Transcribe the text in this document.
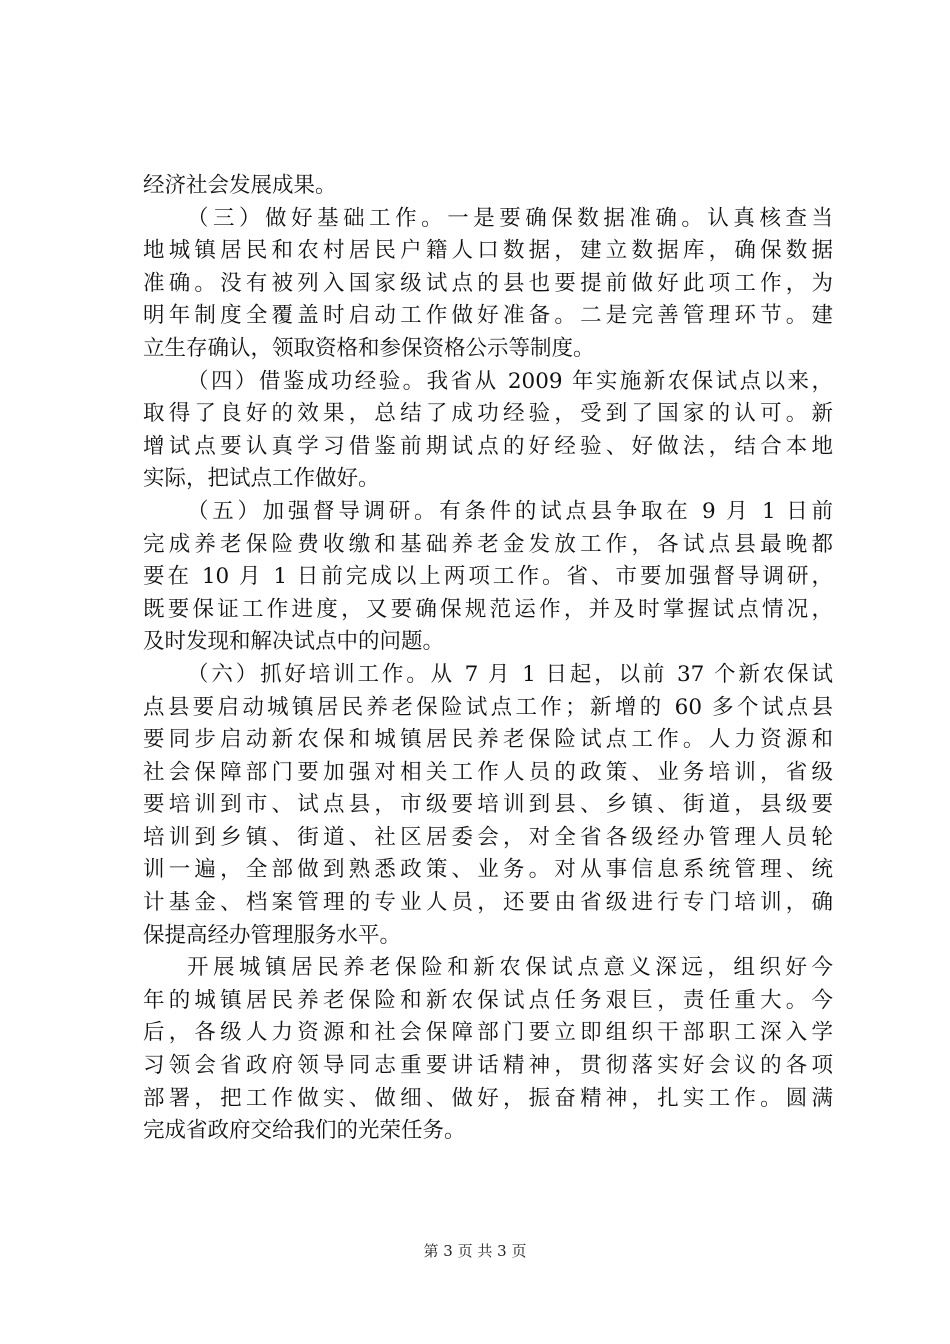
经济社会发展成果。
（三）做好基础工作。一是要确保数据准确。认真核查当
地城镇居民和农村居民户籍人口数据，建立数据库，确保数据
准确。没有被列入国家级试点的县也要提前做好此项工作，为
明年制度全覆盖时启动工作做好准备。二是完善管理环节。建
立生存确认，领取资格和参保资格公示等制度。
（四）借鉴成功经验。我省从 2009 年实施新农保试点以来，
取得了良好的效果，总结了成功经验，受到了国家的认可。新
增试点要认真学习借鉴前期试点的好经验、好做法，结合本地
实际，把试点工作做好。
（五）加强督导调研。有条件的试点县争取在 9 月 1 日前
完成养老保险费收缴和基础养老金发放工作，各试点县最晚都
要在 10 月 1 日前完成以上两项工作。省、市要加强督导调研，
既要保证工作进度，又要确保规范运作，并及时掌握试点情况，
及时发现和解决试点中的问题。
（六）抓好培训工作。从 7 月 1 日起，以前 37 个新农保试
点县要启动城镇居民养老保险试点工作；新增的 60 多个试点县
要同步启动新农保和城镇居民养老保险试点工作。人力资源和
社会保障部门要加强对相关工作人员的政策、业务培训，省级
要培训到市、试点县，市级要培训到县、乡镇、街道，县级要
培训到乡镇、街道、社区居委会，对全省各级经办管理人员轮
训一遍，全部做到熟悉政策、业务。对从事信息系统管理、统
计基金、档案管理的专业人员，还要由省级进行专门培训，确
保提高经办管理服务水平。
开展城镇居民养老保险和新农保试点意义深远，组织好今
年的城镇居民养老保险和新农保试点任务艰巨，责任重大。今
后，各级人力资源和社会保障部门要立即组织干部职工深入学
习领会省政府领导同志重要讲话精神，贯彻落实好会议的各项
部署，把工作做实、做细、做好，振奋精神，扎实工作。圆满
完成省政府交给我们的光荣任务。
第 3 页 共 3 页
